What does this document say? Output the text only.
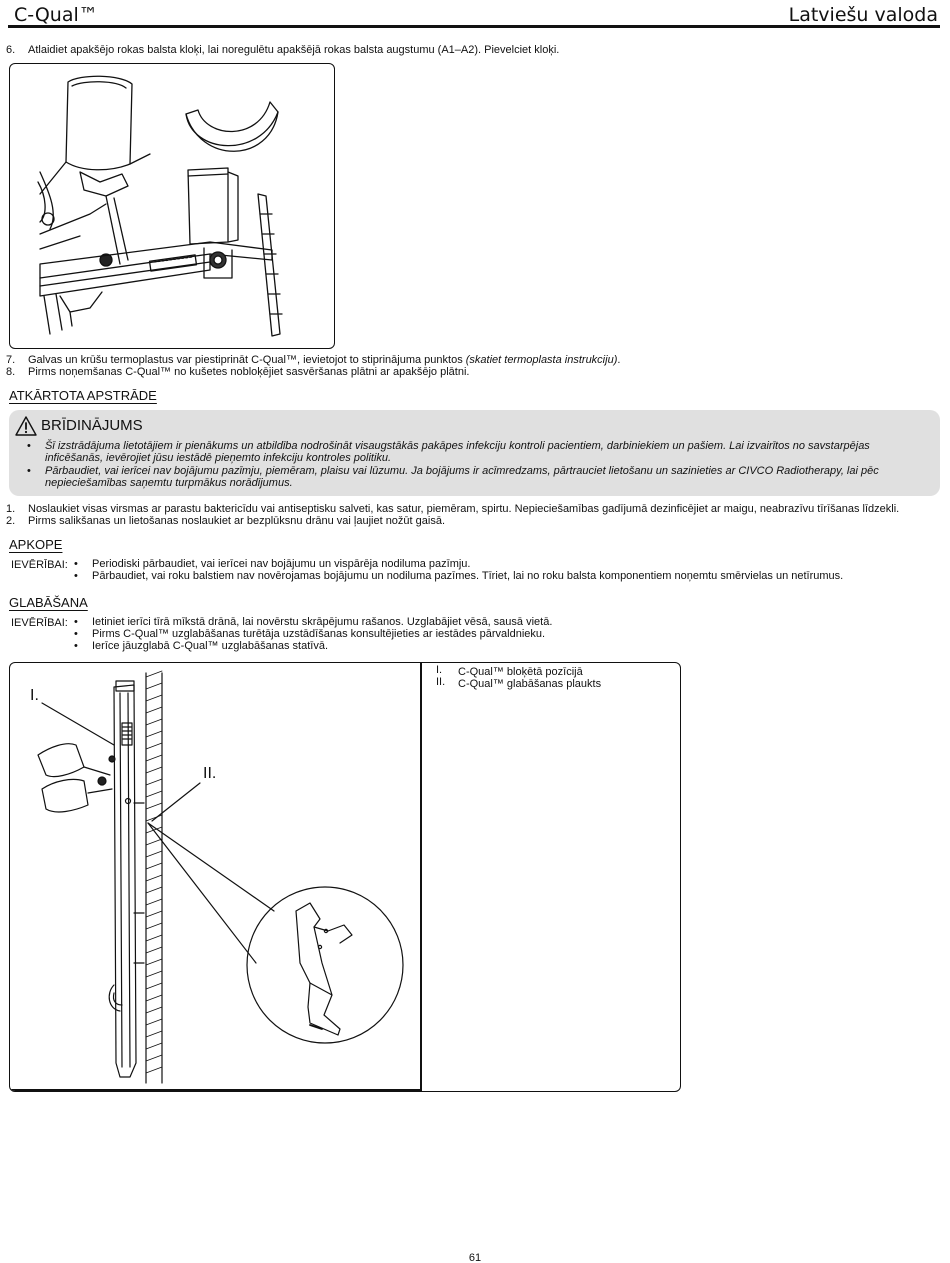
C-Qual™	Latviešu valoda
6. Atlaidiet apakšējo rokas balsta kloķi, lai noregulētu apakšējā rokas balsta augstumu (A1–A2). Pievelciet kloķi.
7. Galvas un krūšu termoplastus var piestiprināt C-Qual™, ievietojot to stiprinājuma punktos (skatiet termoplasta instrukciju).
8. Pirms noņemšanas C-Qual™ no kušetes nobloķējiet sasvēršanas plātni ar apakšējo plātni.
ATKĀRTOTA APSTRĀDE
BRĪDINĀJUMS
• Šī izstrādājuma lietotājiem ir pienākums un atbildība nodrošināt visaugstākās pakāpes infekciju kontroli pacientiem, darbiniekiem un pašiem. Lai izvairītos no savstarpējas inficēšanās, ievērojiet jūsu iestādē pieņemto infekciju kontroles politiku.
• Pārbaudiet, vai ierīcei nav bojājumu pazīmju, piemēram, plaisu vai lūzumu. Ja bojājums ir acīmredzams, pārtrauciet lietošanu un sazinieties ar CIVCO Radiotherapy, lai pēc nepieciešamības saņemtu turpmākus norādījumus.
1. Noslaukiet visas virsmas ar parastu baktericīdu vai antiseptisku salveti, kas satur, piemēram, spirtu. Nepieciešamības gadījumā dezinficējiet ar maigu, neabrazīvu tīrīšanas līdzekli.
2. Pirms salikšanas un lietošanas noslaukiet ar bezplūksnu drānu vai ļaujiet nožūt gaisā.
APKOPE
IEVĒRĪBAI:	• Periodiski pārbaudiet, vai ierīcei nav bojājumu un vispārēja nodiluma pazīmju.
• Pārbaudiet, vai roku balstiem nav novērojamas bojājumu un nodiluma pazīmes. Tīriet, lai no roku balsta komponentiem noņemtu smērvielas un netīrumus.
GLABĀŠANA
IEVĒRĪBAI:	• Ietiniet ierīci tīrā mīkstā drānā, lai novērstu skrāpējumu rašanos. Uzglabājiet vēsā, sausā vietā.
• Pirms C-Qual™ uzglabāšanas turētāja uzstādīšanas konsultējieties ar iestādes pārvaldnieku.
• Ierīce jāuzglabā C-Qual™ uzglabāšanas statīvā.
I.
II.
I.	C-Qual™ bloķētā pozīcijā
II.	C-Qual™ glabāšanas plaukts
61
